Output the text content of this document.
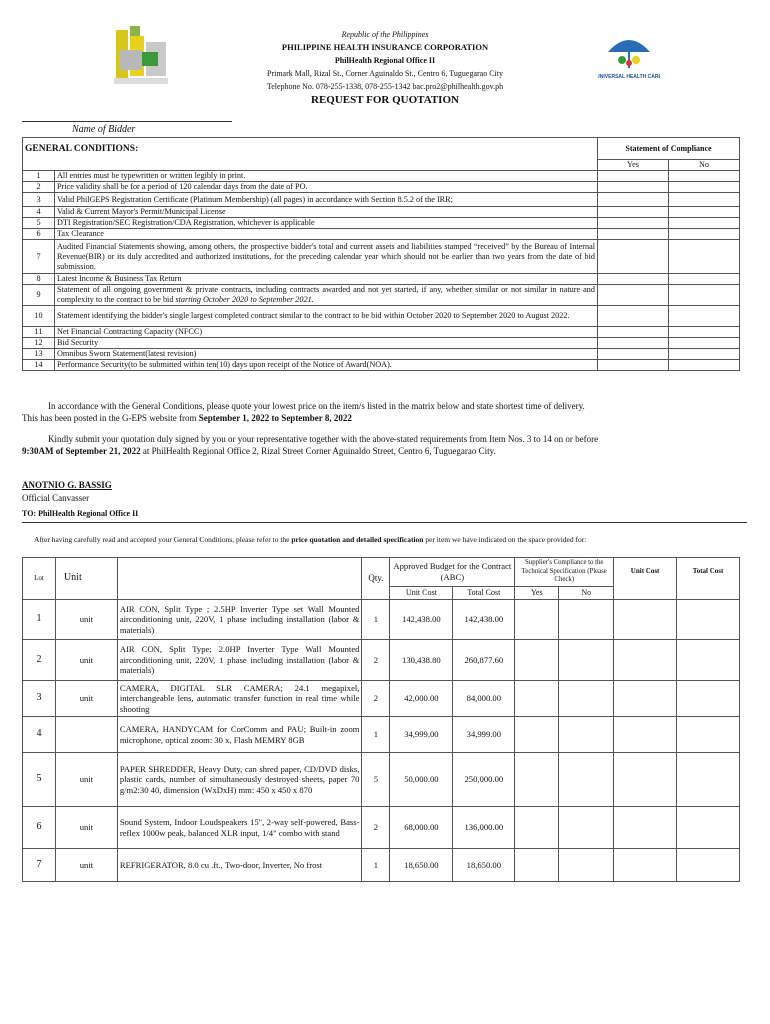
Republic of the Philippines
PHILIPPINE HEALTH INSURANCE CORPORATION
PhilHealth Regional Office II
Primark Mall, Rizal St., Corner Aguinaldo St., Centro 6, Tuguegarao City
Telephone No. 078-255-1338, 078-255-1342 bac.pro2@philhealth.gov.ph
UNIVERSAL HEALTH CARE
REQUEST FOR QUOTATION
Name of Bidder
GENERAL CONDITIONS:		Statement of Compliance	
		Yes	No
1	All entries must be typewritten or written legibly in print.		
2	Price validity shall be for a period of 120 calendar days from the date of PO.		
3	Valid PhilGEPS Registration Certificate (Platinum Membership) (all pages) in accordance with Section 8.5.2 of the IRR;		
4	Valid & Current Mayor's Permit/Municipal License		
5	DTI Registration/SEC Registration/CDA Registration, whichever is applicable		
6	Tax Clearance		
7	Audited Financial Statements showing, among others, the prospective bidder's total and current assets and liabilities stamped “received” by the Bureau of Internal Revenue(BIR) or its duly accredited and authorized institutions, for the preceding calendar year which should not be earlier than two years from the date of bid submission.		
8	Latest Income & Business Tax Return		
9	Statement of all ongoing government & private contracts, including contracts awarded and not yet started, if any, whether similar or not similar in nature and complexity to the contract to be bid starting October 2020 to September 2021.		
10	Statement identifying the bidder's single largest completed contract similar to the contract to be bid within October 2020 to September 2020 to August 2022.		
11	Net Financial Contracting Capacity (NFCC)		
12	Bid Security		
13	Omnibus Sworn Statement(latest revision)		
14	Performance Security(to be submitted within ten(10) days upon receipt of the Notice of Award(NOA).		
In accordance with the General Conditions, please quote your lowest price on the item/s listed in the matrix below and state shortest time of delivery.
This has been posted in the G-EPS website from September 1, 2022 to September 8, 2022
Kindly submit your quotation duly signed by you or your representative together with the above-stated requirements from Item Nos. 3 to 14 on or before
9:30AM of September 21, 2022 at PhilHealth Regional Office 2, Rizal Street Corner Aguinaldo Street, Centro 6, Tuguegarao City.
ANOTNIO G. BASSIG
Official Canvasser
TO: PhilHealth Regional Office II
After having carefully read and accepted your General Conditions, please refer to the price quotation and detailed specification per item we have indicated on the space provided for:
Lot	Unit		Qty.	Approved Budget for the Contract (ABC)		Supplier's Compliance to the Technical Specification (Please Check)		Unit Cost	Total Cost
				Unit Cost	Total Cost	Yes	No		
1	unit	AIR CON, Split Type ; 2.5HP Inverter Type set Wall Mounted airconditioning unit, 220V, 1 phase including installation (labor & materials)	1	142,438.00	142,438.00				
2	unit	AIR CON, Split Type; 2.0HP Inverter Type Wall Mounted airconditioning unit, 220V, 1 phase including installation (labor & materials)	2	130,438.80	260,877.60				
3	unit	CAMERA, DIGITAL SLR CAMERA; 24.1 megapixel, interchangeable lens, automatic transfer function in real time while shooting	2	42,000.00	84,000.00				
4		CAMERA, HANDYCAM for CorComm and PAU; Built-in zoom microphone, optical zoom: 30 x, Flash MEMRY 8GB	1	34,999.00	34,999.00				
5	unit	PAPER SHREDDER, Heavy Duty, can shred paper, CD/DVD disks, plastic cards, number of simultaneously destroyed sheets, paper 70 g/m2:30 40, dimension (WxDxH) mm: 450 x 450 x 870	5	50,000.00	250,000.00				
6	unit	Sound System, Indoor Loudspeakers 15", 2-way self-powered, Bass-reflex 1000w peak, balanced XLR input, 1/4" combo with stand	2	68,000.00	136,000.00				
7	unit	REFRIGERATOR, 8.0 cu .ft., Two-door, Inverter, No frost	1	18,650.00	18,650.00				
